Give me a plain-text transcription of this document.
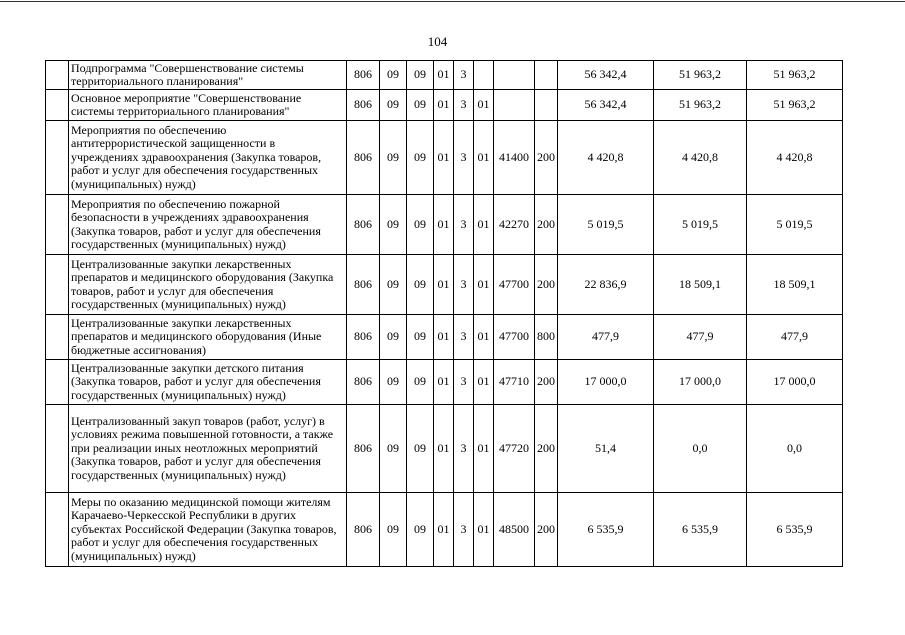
104
	Подпрограмма "Совершенствование системы территориального планирования"	806	09	09	01	3				56 342,4	51 963,2	51 963,2
	Основное мероприятие "Совершенствование системы территориального планирования"	806	09	09	01	3	01			56 342,4	51 963,2	51 963,2
	Мероприятия по обеспечению антитеррористической защищенности в учреждениях здравоохранения (Закупка товаров, работ и услуг для обеспечения государственных (муниципальных) нужд)	806	09	09	01	3	01	41400	200	4 420,8	4 420,8	4 420,8
	Мероприятия по обеспечению пожарной безопасности в учреждениях здравоохранения (Закупка товаров, работ и услуг для обеспечения государственных (муниципальных) нужд)	806	09	09	01	3	01	42270	200	5 019,5	5 019,5	5 019,5
	Централизованные закупки лекарственных препаратов и медицинского оборудования (Закупка товаров, работ и услуг для обеспечения государственных (муниципальных) нужд)	806	09	09	01	3	01	47700	200	22 836,9	18 509,1	18 509,1
	Централизованные закупки лекарственных препаратов и медицинского оборудования (Иные бюджетные ассигнования)	806	09	09	01	3	01	47700	800	477,9	477,9	477,9
	Централизованные закупки детского питания (Закупка товаров, работ и услуг для обеспечения государственных (муниципальных) нужд)	806	09	09	01	3	01	47710	200	17 000,0	17 000,0	17 000,0
	Централизованный закуп товаров (работ, услуг) в условиях режима повышенной готовности, а также при реализации иных неотложных мероприятий (Закупка товаров, работ и услуг для обеспечения государственных (муниципальных) нужд)	806	09	09	01	3	01	47720	200	51,4	0,0	0,0
	Меры по оказанию медицинской помощи жителям Карачаево-Черкесской Республики в других субъектах Российской Федерации (Закупка товаров, работ и услуг для обеспечения государственных (муниципальных) нужд)	806	09	09	01	3	01	48500	200	6 535,9	6 535,9	6 535,9
